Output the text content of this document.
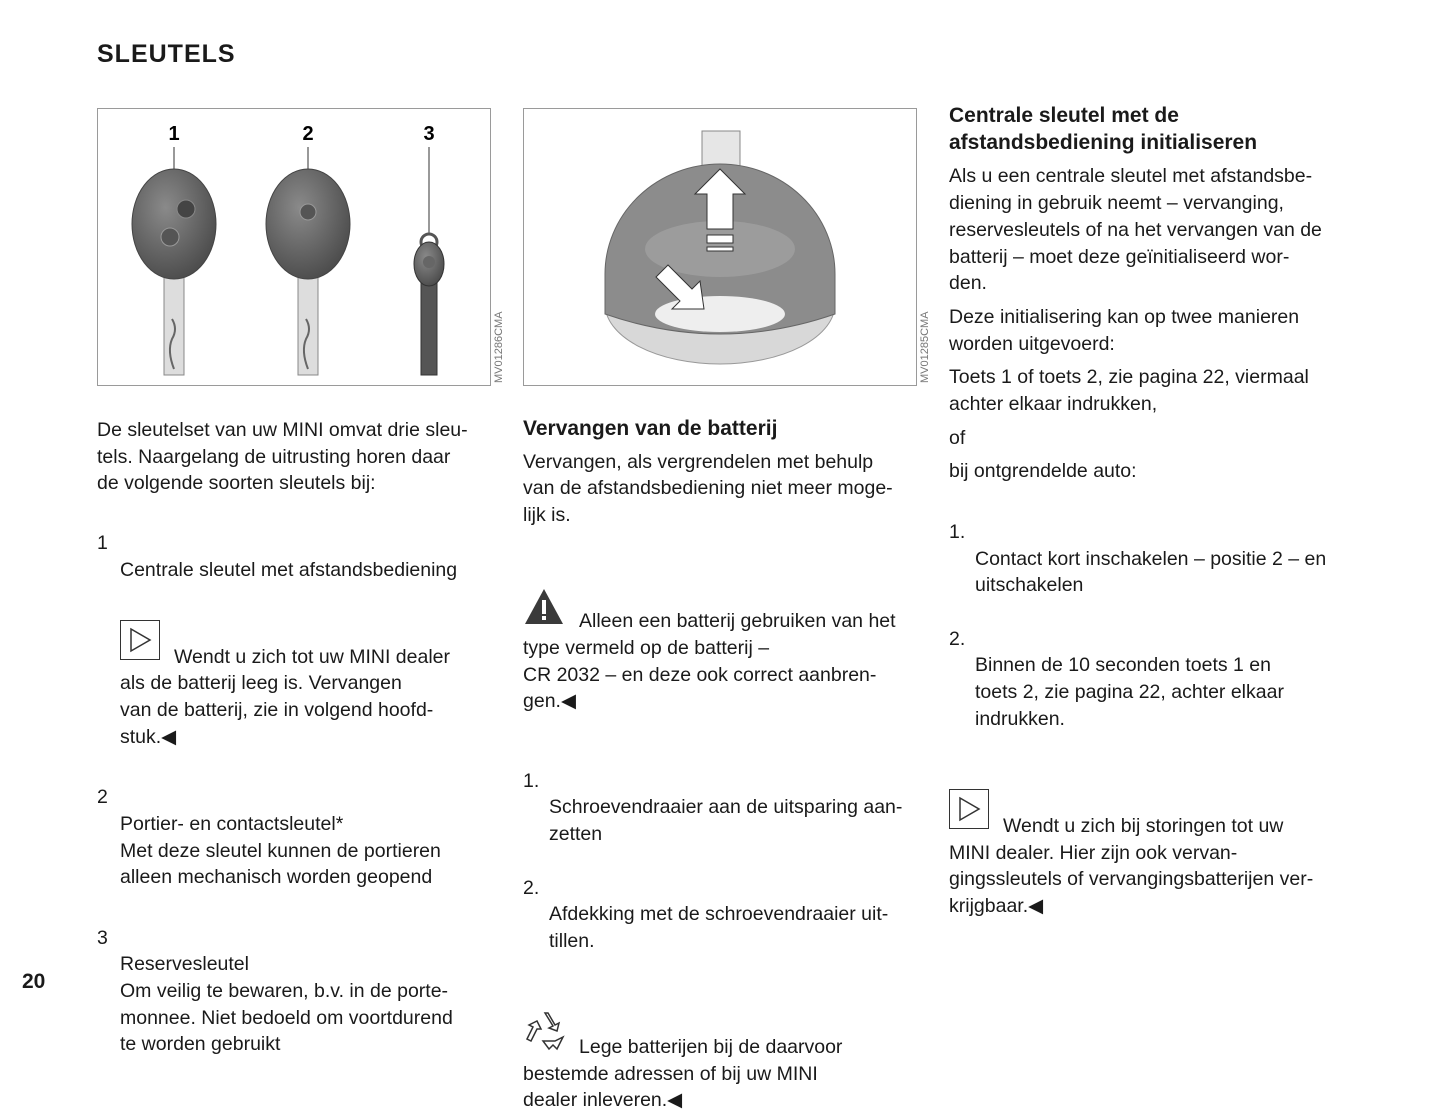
SLEUTELS
1	2	3
MV01286CMA	MV01285CMA
De sleutelset van uw MINI omvat drie sleu-
tels. Naargelang de uitrusting horen daar
de volgende soorten sleutels bij:

1

Centrale sleutel met afstandsbediening

Wendt u zich tot uw MINI dealer
als de batterij leeg is. Vervangen
van de batterij, zie in volgend hoofd-
stuk.◀

2

Portier- en contactsleutel*
Met deze sleutel kunnen de portieren
alleen mechanisch worden geopend

3

Reservesleutel
Om veilig te bewaren, b.v. in de porte-
monnee. Niet bedoeld om voortdurend
te worden gebruikt

Vervangen van de batterij
Vervangen, als vergrendelen met behulp
van de afstandsbediening niet meer moge-
lijk is.

Alleen een batterij gebruiken van het
type vermeld op de batterij –
CR 2032 – en deze ook correct aanbren-
gen.◀

1.

Schroevendraaier aan de uitsparing aan-
zetten

2.

Afdekking met de schroevendraaier uit-
tillen.

Lege batterijen bij de daarvoor
bestemde adressen of bij uw MINI
dealer inleveren.◀

Centrale sleutel met de
afstandsbediening initialiseren
Als u een centrale sleutel met afstandsbe-
diening in gebruik neemt – vervanging,
reservesleutels of na het vervangen van de
batterij – moet deze geïnitialiseerd wor-
den.
Deze initialisering kan op twee manieren
worden uitgevoerd:
Toets 1 of toets 2, zie pagina 22, viermaal
achter elkaar indrukken,
of
bij ontgrendelde auto:

1.

Contact kort inschakelen – positie 2 – en
uitschakelen

2.

Binnen de 10 seconden toets 1 en
toets 2, zie pagina 22, achter elkaar
indrukken.

Wendt u zich bij storingen tot uw
MINI dealer. Hier zijn ook vervan-
gingssleutels of vervangingsbatterijen ver-
krijgbaar.◀

20
